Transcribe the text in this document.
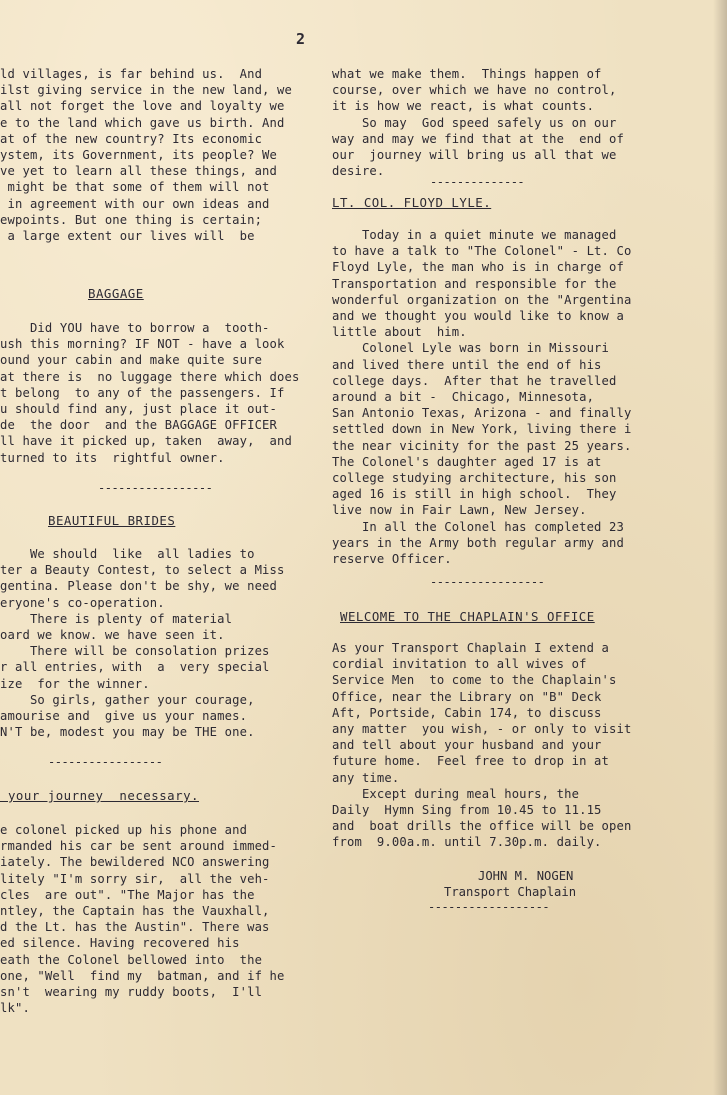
2

ld villages, is far behind us.  And

ilst giving service in the new land, we

all not forget the love and loyalty we

e to the land which gave us birth. And

at of the new country? Its economic

ystem, its Government, its people? We

ve yet to learn all these things, and

might be that some of them will not

in agreement with our own ideas and

ewpoints. But one thing is certain;

a large extent our lives will  be

BAGGAGE

Did YOU have to borrow a  tooth-

ush this morning? IF NOT - have a look

ound your cabin and make quite sure

at there is  no luggage there which does

t belong  to any of the passengers. If

u should find any, just place it out-

de  the door  and the BAGGAGE OFFICER

ll have it picked up, taken  away,  and

turned to its  rightful owner.

-----------------
BEAUTIFUL BRIDES

We should  like  all ladies to

ter a Beauty Contest, to select a Miss

gentina. Please don't be shy, we need

eryone's co-operation.

There is plenty of material

oard we know. we have seen it.

There will be consolation prizes

r all entries, with  a  very special

ize  for the winner.

So girls, gather your courage,

amourise and  give us your names.

N'T be, modest you may be THE one.

-----------------
your journey  necessary.

e colonel picked up his phone and

rmanded his car be sent around immed-

iately. The bewildered NCO answering

litely "I'm sorry sir,  all the veh-

cles  are out". "The Major has the

ntley, the Captain has the Vauxhall,

d the Lt. has the Austin". There was

ed silence. Having recovered his

eath the Colonel bellowed into  the

one, "Well  find my  batman, and if he

sn't  wearing my ruddy boots,  I'll

lk".

what we make them.  Things happen of

course, over which we have no control,

it is how we react, is what counts.

So may  God speed safely us on our

way and may we find that at the  end of

our  journey will bring us all that we

desire.

--------------
LT. COL. FLOYD LYLE.

Today in a quiet minute we managed

to have a talk to "The Colonel" - Lt. Co

Floyd Lyle, the man who is in charge of

Transportation and responsible for the

wonderful organization on the "Argentina

and we thought you would like to know a

little about  him.

Colonel Lyle was born in Missouri

and lived there until the end of his

college days.  After that he travelled

around a bit -  Chicago, Minnesota,

San Antonio Texas, Arizona - and finally

settled down in New York, living there i

the near vicinity for the past 25 years.

The Colonel's daughter aged 17 is at

college studying architecture, his son

aged 16 is still in high school.  They

live now in Fair Lawn, New Jersey.

In all the Colonel has completed 23

years in the Army both regular army and

reserve Officer.

-----------------
WELCOME TO THE CHAPLAIN'S OFFICE

As your Transport Chaplain I extend a

cordial invitation to all wives of

Service Men  to come to the Chaplain's

Office, near the Library on "B" Deck

Aft, Portside, Cabin 174, to discuss

any matter  you wish, - or only to visit

and tell about your husband and your

future home.  Feel free to drop in at

any time.

Except during meal hours, the

Daily  Hymn Sing from 10.45 to 11.15

and  boat drills the office will be open

from  9.00a.m. until 7.30p.m. daily.

JOHN M. NOGEN
Transport Chaplain
------------------
